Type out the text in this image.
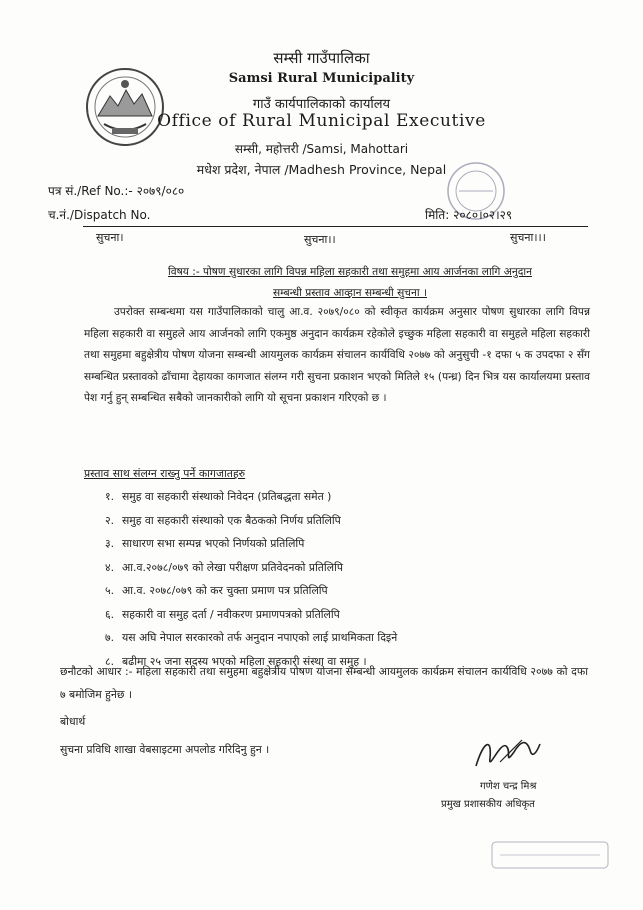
सम्सी गाउँपालिका
Samsi Rural Municipality
गाउँ कार्यपालिकाको कार्यालय
Office of Rural Municipal Executive
सम्सी, महोत्तरी /Samsi, Mahottari
मधेश प्रदेश, नेपाल /Madhesh Province, Nepal
पत्र सं./Ref No.:- २०७९/०८०
च.नं./Dispatch No.	मिति: २०८०।०२।२९
सुचना।	सुचना।।	सुचना।।।
विषय :- पोषण सुधारका लागि विपन्न महिला सहकारी तथा समुहमा आय आर्जनका लागि अनुदान
सम्बन्धी प्रस्ताव आव्हान सम्बन्धी सुचना ।
उपरोक्त सम्बन्धमा यस गाउँपालिकाको चालु आ.व. २०७९/०८० को स्वीकृत कार्यक्रम अनुसार पोषण सुधारका लागि विपन्न महिला सहकारी वा समुहले आय आर्जनको लागि एकमुष्ठ अनुदान कार्यक्रम रहेकोले इच्छुक महिला सहकारी वा समुहले महिला सहकारी तथा समुहमा बहुक्षेत्रीय पोषण योजना सम्बन्धी आयमुलक कार्यक्रम संचालन कार्यविधि २०७७ को अनुसुची -१ दफा ५ क उपदफा २ सँग सम्बन्धित प्रस्तावको ढाँचामा देहायका कागजात संलग्न गरी सुचना प्रकाशन भएको मितिले १५ (पन्ध्र) दिन भित्र यस कार्यालयमा प्रस्ताव पेश गर्नु हुन् सम्बन्धित सबैको जानकारीको लागि यो सूचना प्रकाशन गरिएको छ ।
प्रस्ताव साथ संलग्न राख्नु पर्ने कागजातहरु
१. समुह वा सहकारी संस्थाको निवेदन (प्रतिबद्धता समेत )
२. समुह वा सहकारी संस्थाको एक बैठकको निर्णय प्रतिलिपि
३. साधारण सभा सम्पन्न भएको निर्णयको प्रतिलिपि
४. आ.व.२०७८/०७९ को लेखा परीक्षण प्रतिवेदनको प्रतिलिपि
५. आ.व. २०७८/०७९ को कर चुक्ता प्रमाण पत्र प्रतिलिपि
६. सहकारी वा समुह दर्ता / नवीकरण प्रमाणपत्रको प्रतिलिपि
७. यस अघि नेपाल सरकारको तर्फ अनुदान नपाएको लाई प्राथमिकता दिइने
८. बढीमा २५ जना सदस्य भएको महिला सहकारी संस्था वा समुह ।
छनौटको आधार :- महिला सहकारी तथा समुहमा बहुक्षेत्रीय पोषण योजना सम्बन्धी आयमुलक कार्यक्रम संचालन कार्यविधि २०७७ को दफा ७ बमोजिम हुनेछ ।
बोधार्थ
सुचना प्रविधि शाखा वेबसाइटमा अपलोड गरिदिनु हुन ।
गणेश चन्द्र मिश्र
प्रमुख प्रशासकीय अधिकृत
